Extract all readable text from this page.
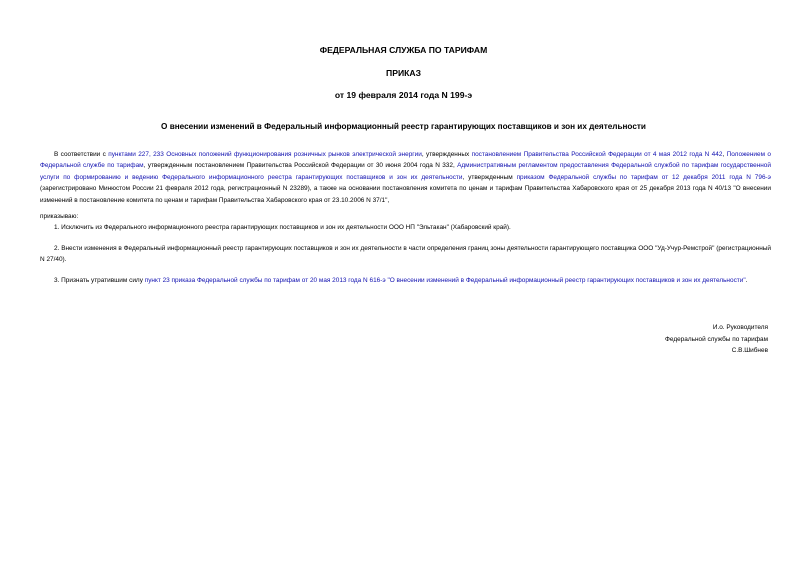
ФЕДЕРАЛЬНАЯ СЛУЖБА ПО ТАРИФАМ
ПРИКАЗ
от 19 февраля 2014 года N 199-э
О внесении изменений в Федеральный информационный реестр гарантирующих поставщиков и зон их деятельности
В соответствии с пунктами 227, 233 Основных положений функционирования розничных рынков электрической энергии, утвержденных постановлением Правительства Российской Федерации от 4 мая 2012 года N 442, Положением о Федеральной службе по тарифам, утвержденным постановлением Правительства Российской Федерации от 30 июня 2004 года N 332, Административным регламентом предоставления Федеральной службой по тарифам государственной услуги по формированию и ведению Федерального информационного реестра гарантирующих поставщиков и зон их деятельности, утвержденным приказом Федеральной службы по тарифам от 12 декабря 2011 года N 796-э (зарегистрировано Минюстом России 21 февраля 2012 года, регистрационный N 23289), а также на основании постановления комитета по ценам и тарифам Правительства Хабаровского края от 25 декабря 2013 года N 40/13 "О внесении изменений в постановление комитета по ценам и тарифам Правительства Хабаровского края от 23.10.2006 N 37/1",
приказываю:
1. Исключить из Федерального информационного реестра гарантирующих поставщиков и зон их деятельности ООО НП "Эльтакан" (Хабаровский край).
2. Внести изменения в Федеральный информационный реестр гарантирующих поставщиков и зон их деятельности в части определения границ зоны деятельности гарантирующего поставщика ООО "Уд-Учур-Ремстрой" (регистрационный N 27/40).
3. Признать утратившим силу пункт 23 приказа Федеральной службы по тарифам от 20 мая 2013 года N 616-э "О внесении изменений в Федеральный информационный реестр гарантирующих поставщиков и зон их деятельности".
И.о. Руководителя
Федеральной службы по тарифам
С.В.Шибнев
